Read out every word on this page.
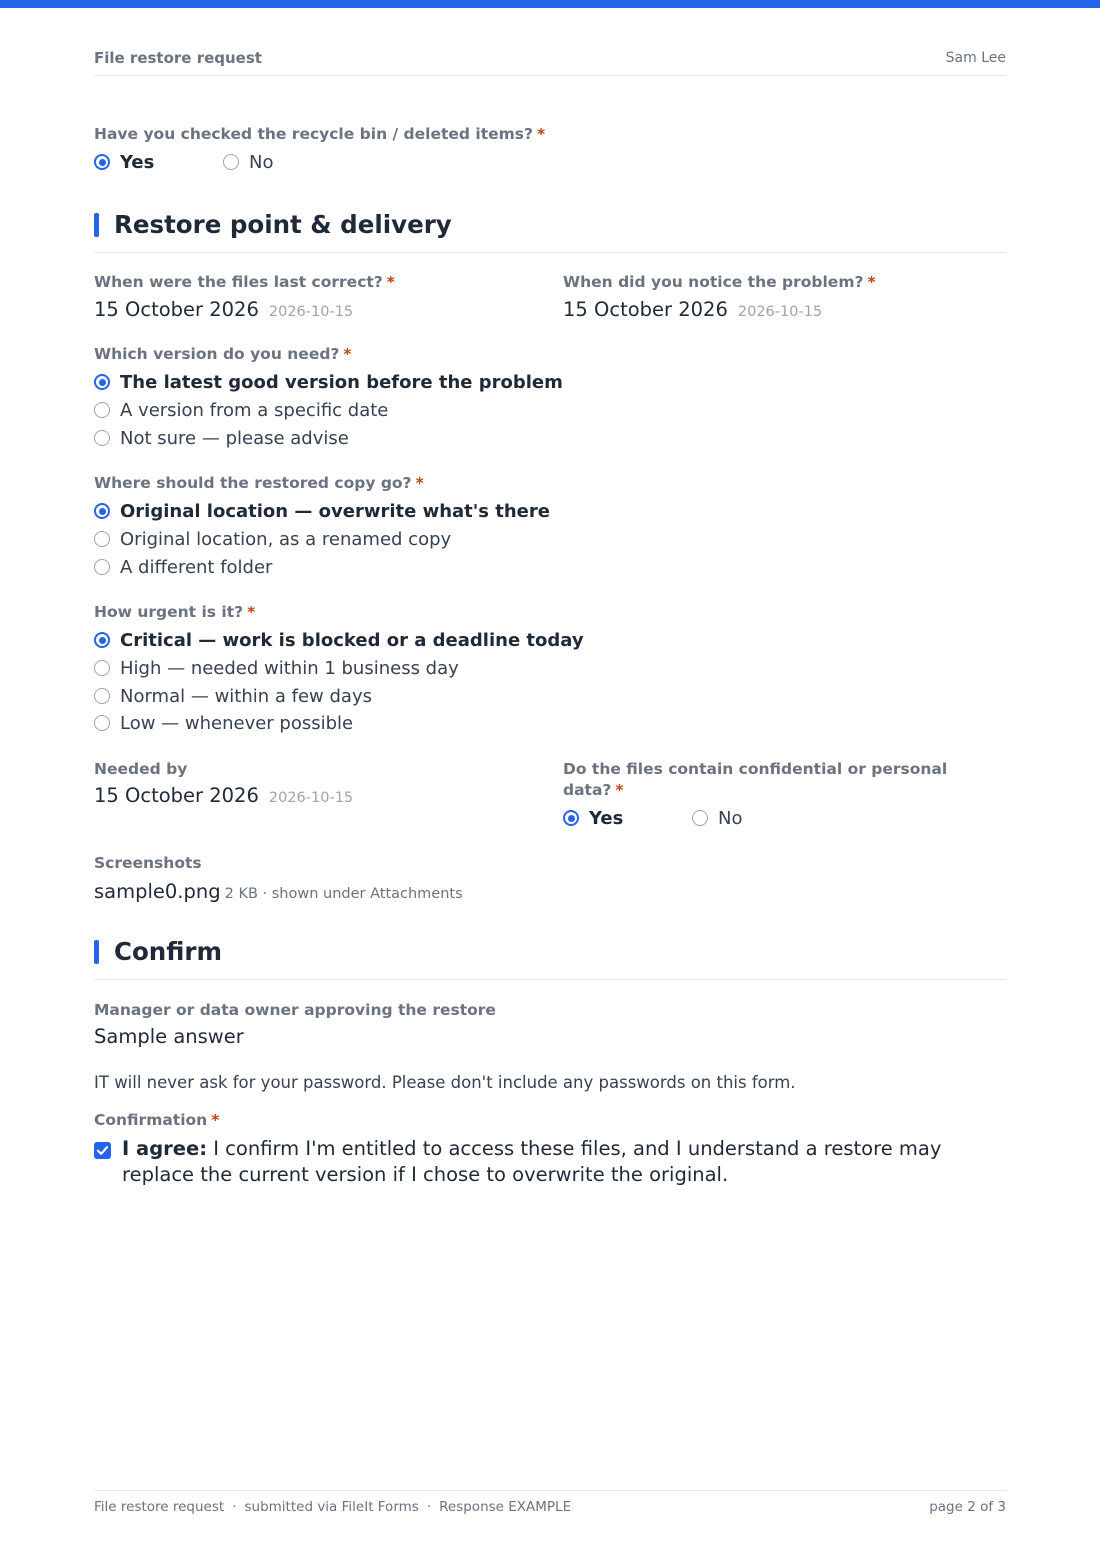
File restore request	Sam Lee
Have you checked the recycle bin / deleted items? *
Yes	No
Restore point & delivery
When were the files last correct? *
15 October 2026 2026-10-15
When did you notice the problem? *
15 October 2026 2026-10-15
Which version do you need? *
The latest good version before the problem
A version from a specific date
Not sure — please advise
Where should the restored copy go? *
Original location — overwrite what's there
Original location, as a renamed copy
A different folder
How urgent is it? *
Critical — work is blocked or a deadline today
High — needed within 1 business day
Normal — within a few days
Low — whenever possible
Needed by
15 October 2026 2026-10-15
Do the files contain confidential or personal
data? *
Yes	No
Screenshots
sample0.png 2 KB · shown under Attachments
Confirm
Manager or data owner approving the restore
Sample answer
IT will never ask for your password. Please don't include any passwords on this form.
Confirmation *
I agree: I confirm I'm entitled to access these files, and I understand a restore may replace the current version if I chose to overwrite the original.
File restore request · submitted via FileIt Forms · Response EXAMPLE	page 2 of 3
